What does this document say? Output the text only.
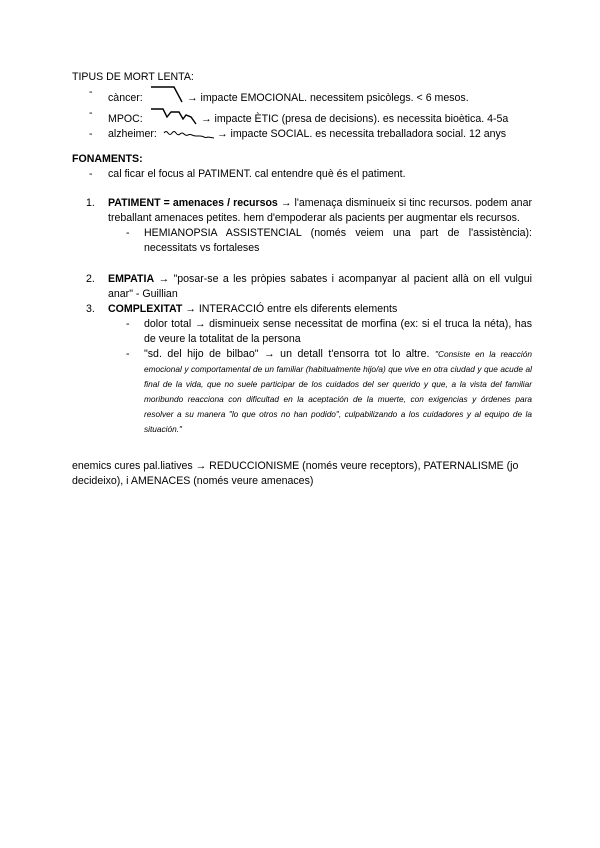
TIPUS DE MORT LENTA:

- càncer:	→ impacte EMOCIONAL. necessitem psicòlegs. < 6 mesos.
- MPOC:	→ impacte ÈTIC (presa de decisions). es necessita bioètica. 4-5a
- alzheimer:	→ impacte SOCIAL. es necessita treballadora social. 12 anys

FONAMENTS:

- cal ficar el focus al PATIMENT. cal entendre què és el patiment.
1. PATIMENT = amenaces / recursos → l'amenaça disminueix si tinc recursos. podem anar treballant amenaces petites. hem d'empoderar als pacients per augmentar els recursos.
- HEMIANOPSIA ASSISTENCIAL (només veiem una part de l'assistència): necessitats vs fortaleses
2. EMPATIA → "posar-se a les pròpies sabates i acompanyar al pacient allà on ell vulgui anar" - Guillian
3. COMPLEXITAT → INTERACCIÓ entre els diferents elements
- dolor total → disminueix sense necessitat de morfina (ex: si el truca la néta), has de veure la totalitat de la persona
- "sd. del hijo de bilbao" → un detall t'ensorra tot lo altre. "Consiste en la reacción emocional y comportamental de un familiar (habitualmente hijo/a) que vive en otra ciudad y que acude al final de la vida, que no suele participar de los cuidados del ser querido y que, a la vista del familiar moribundo reacciona con dificultad en la aceptación de la muerte, con exigencias y órdenes para resolver a su manera "lo que otros no han podido", culpabilizando a los cuidadores y al equipo de la situación."

enemics cures pal.liatives → REDUCCIONISME (només veure receptors), PATERNALISME (jo decideixo), i AMENACES (només veure amenaces)
